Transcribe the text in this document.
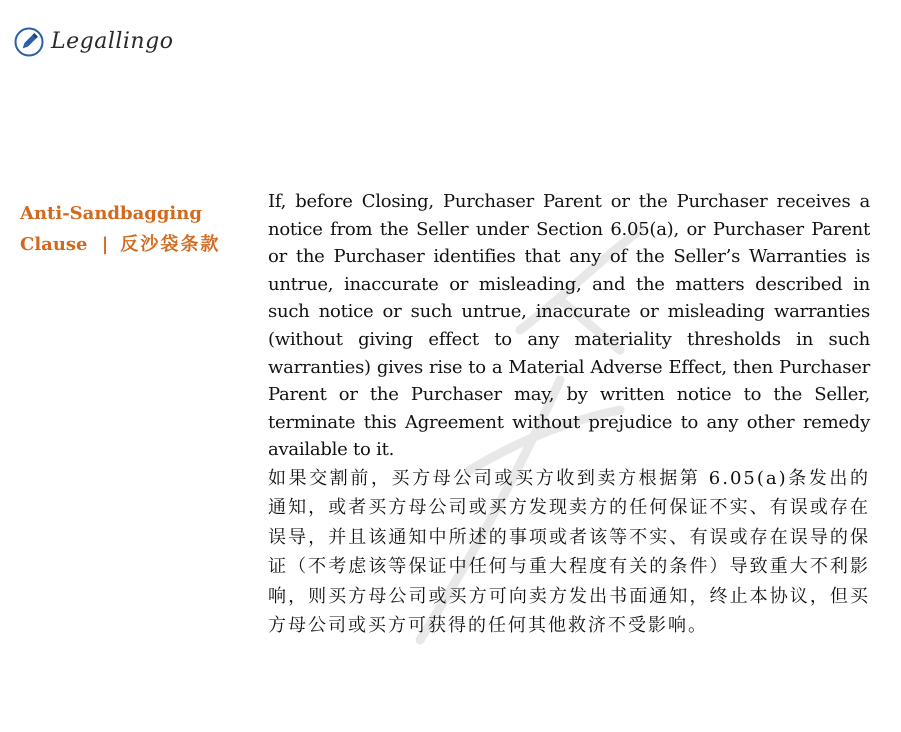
Legallingo
Anti-Sandbagging Clause | 反沙袋条款

If, before Closing, Purchaser Parent or the Purchaser receives a notice from the Seller under Section 6.05(a), or Purchaser Parent or the Purchaser identifies that any of the Seller’s Warranties is untrue, inaccurate or misleading, and the matters described in such notice or such untrue, inaccurate or misleading warranties (without giving effect to any materiality thresholds in such warranties) gives rise to a Material Adverse Effect, then Purchaser Parent or the Purchaser may, by written notice to the Seller, terminate this Agreement without prejudice to any other remedy available to it.

如果交割前，买方母公司或买方收到卖方根据第 6.05(a)条发出的通知，或者买方母公司或买方发现卖方的任何保证不实、有误或存在误导，并且该通知中所述的事项或者该等不实、有误或存在误导的保证（不考虑该等保证中任何与重大程度有关的条件）导致重大不利影响，则买方母公司或买方可向卖方发出书面通知，终止本协议，但买方母公司或买方可获得的任何其他救济不受影响。
